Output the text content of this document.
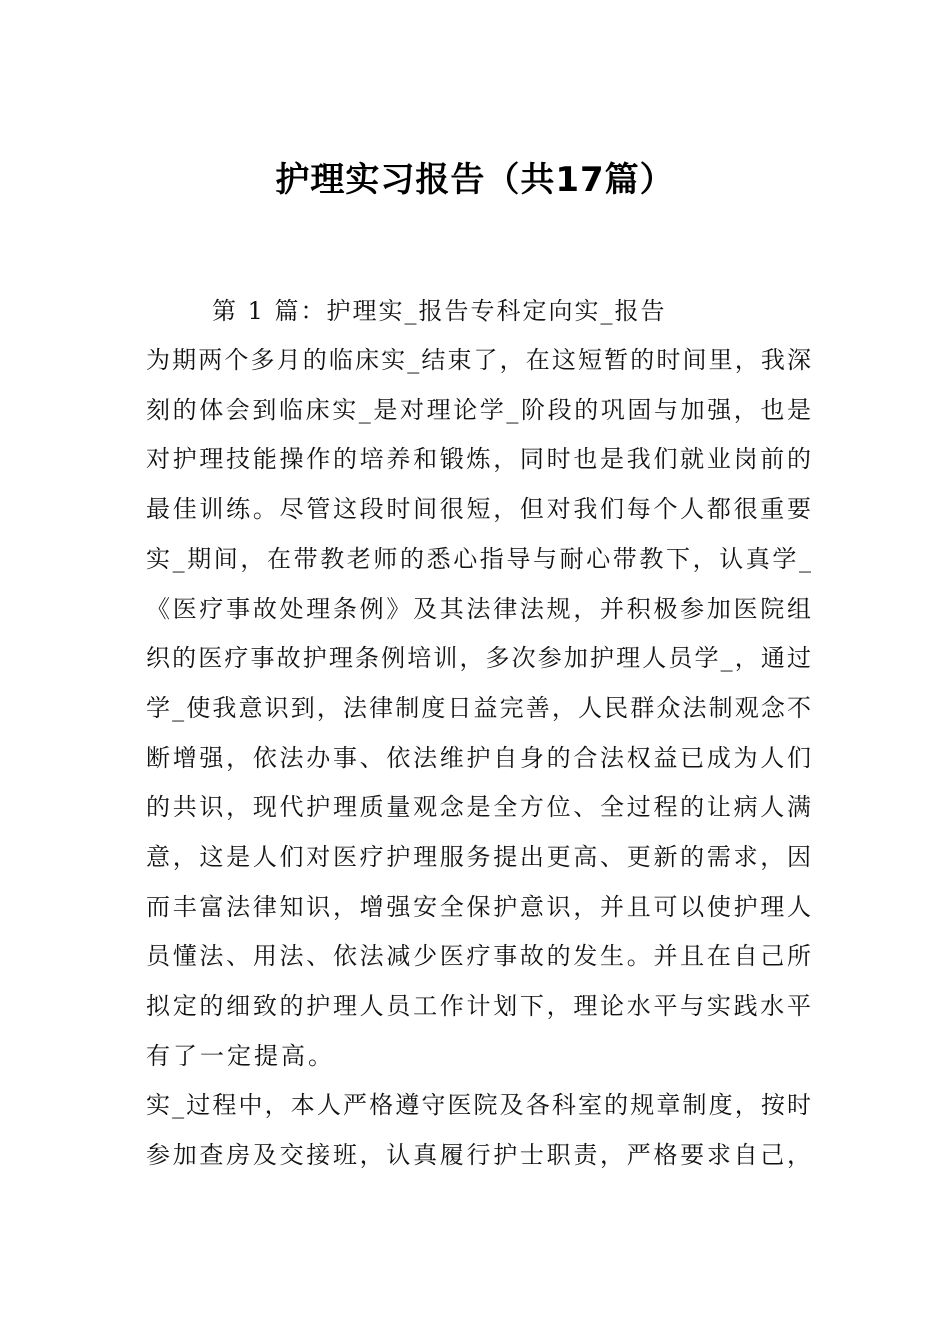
护理实习报告（共17篇）
第 1 篇：护理实_报告专科定向实_报告
为期两个多月的临床实_结束了，在这短暂的时间里，我深
刻的体会到临床实_是对理论学_阶段的巩固与加强，也是
对护理技能操作的培养和锻炼，同时也是我们就业岗前的
最佳训练。尽管这段时间很短，但对我们每个人都很重要
实_期间，在带教老师的悉心指导与耐心带教下，认真学_
《医疗事故处理条例》及其法律法规，并积极参加医院组
织的医疗事故护理条例培训，多次参加护理人员学_，通过
学_使我意识到，法律制度日益完善，人民群众法制观念不
断增强，依法办事、依法维护自身的合法权益已成为人们
的共识，现代护理质量观念是全方位、全过程的让病人满
意，这是人们对医疗护理服务提出更高、更新的需求，因
而丰富法律知识，增强安全保护意识，并且可以使护理人
员懂法、用法、依法减少医疗事故的发生。并且在自己所
拟定的细致的护理人员工作计划下，理论水平与实践水平
有了一定提高。
实_过程中，本人严格遵守医院及各科室的规章制度，按时
参加查房及交接班，认真履行护士职责，严格要求自己，
